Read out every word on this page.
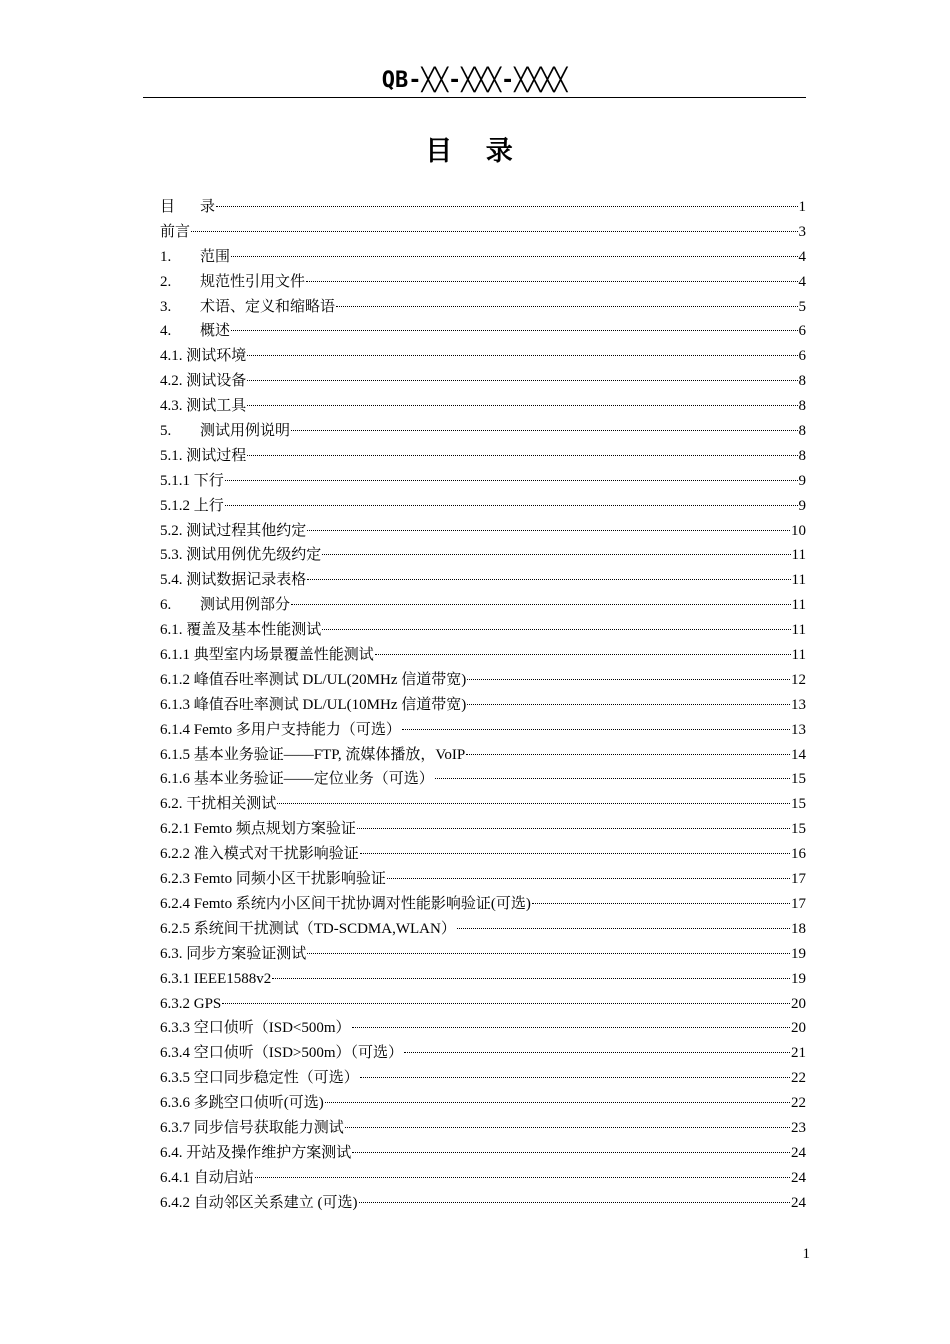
QB-╳╳-╳╳╳-╳╳╳╳
目 录
目 录	1
前言	3
1. 范围	4
2. 规范性引用文件	4
3. 术语、定义和缩略语	5
4. 概述	6
4.1. 测试环境	6
4.2. 测试设备	8
4.3. 测试工具	8
5. 测试用例说明	8
5.1. 测试过程	8
5.1.1 下行	9
5.1.2 上行	9
5.2. 测试过程其他约定	10
5.3. 测试用例优先级约定	11
5.4. 测试数据记录表格	11
6. 测试用例部分	11
6.1. 覆盖及基本性能测试	11
6.1.1 典型室内场景覆盖性能测试	11
6.1.2 峰值吞吐率测试 DL/UL(20MHz 信道带宽)	12
6.1.3 峰值吞吐率测试 DL/UL(10MHz 信道带宽)	13
6.1.4 Femto 多用户支持能力（可选）	13
6.1.5 基本业务验证——FTP, 流媒体播放，VoIP	14
6.1.6 基本业务验证——定位业务（可选）	15
6.2. 干扰相关测试	15
6.2.1 Femto 频点规划方案验证	15
6.2.2 准入模式对干扰影响验证	16
6.2.3 Femto 同频小区干扰影响验证	17
6.2.4 Femto 系统内小区间干扰协调对性能影响验证(可选)	17
6.2.5 系统间干扰测试（TD-SCDMA,WLAN）	18
6.3. 同步方案验证测试	19
6.3.1 IEEE1588v2	19
6.3.2 GPS	20
6.3.3 空口侦听（ISD<500m）	20
6.3.4 空口侦听（ISD>500m）（可选）	21
6.3.5 空口同步稳定性（可选）	22
6.3.6 多跳空口侦听(可选)	22
6.3.7 同步信号获取能力测试	23
6.4. 开站及操作维护方案测试	24
6.4.1 自动启站	24
6.4.2 自动邻区关系建立 (可选)	24
1
